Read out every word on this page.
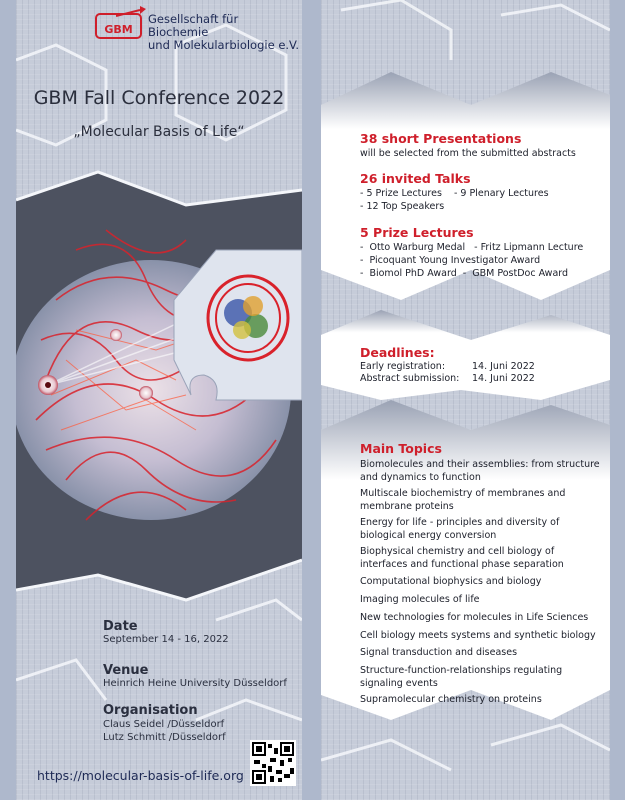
GBM
Gesellschaft für Biochemie
und Molekularbiologie e.V.
GBM Fall Conference 2022
„Molecular Basis of Life“
Date
September 14 - 16, 2022
Venue
Heinrich Heine University Düsseldorf
Organisation
Claus Seidel /Düsseldorf
Lutz Schmitt /Düsseldorf
https://molecular-basis-of-life.org
38 short Presentations
will be selected from the submitted abstracts
26 invited Talks
- 5 Prize Lectures    - 9 Plenary Lectures
- 12 Top Speakers
5 Prize Lectures
-  Otto Warburg Medal   - Fritz Lipmann Lecture
-  Picoquant Young Investigator Award
-  Biomol PhD Award  -  GBM PostDoc Award
Deadlines:
Early registration:	14. Juni 2022
Abstract submission: 14. Juni 2022
Main Topics
Biomolecules and their assemblies: from structure and dynamics to function
Multiscale biochemistry of membranes and membrane proteins
Energy for life - principles and diversity of biological energy conversion
Biophysical chemistry and cell biology of interfaces and functional phase separation
Computational biophysics and biology
Imaging molecules of life
New technologies for molecules in Life Sciences
Cell biology meets systems and synthetic biology
Signal transduction and diseases
Structure-function-relationships regulating signaling events
Supramolecular chemistry on proteins
